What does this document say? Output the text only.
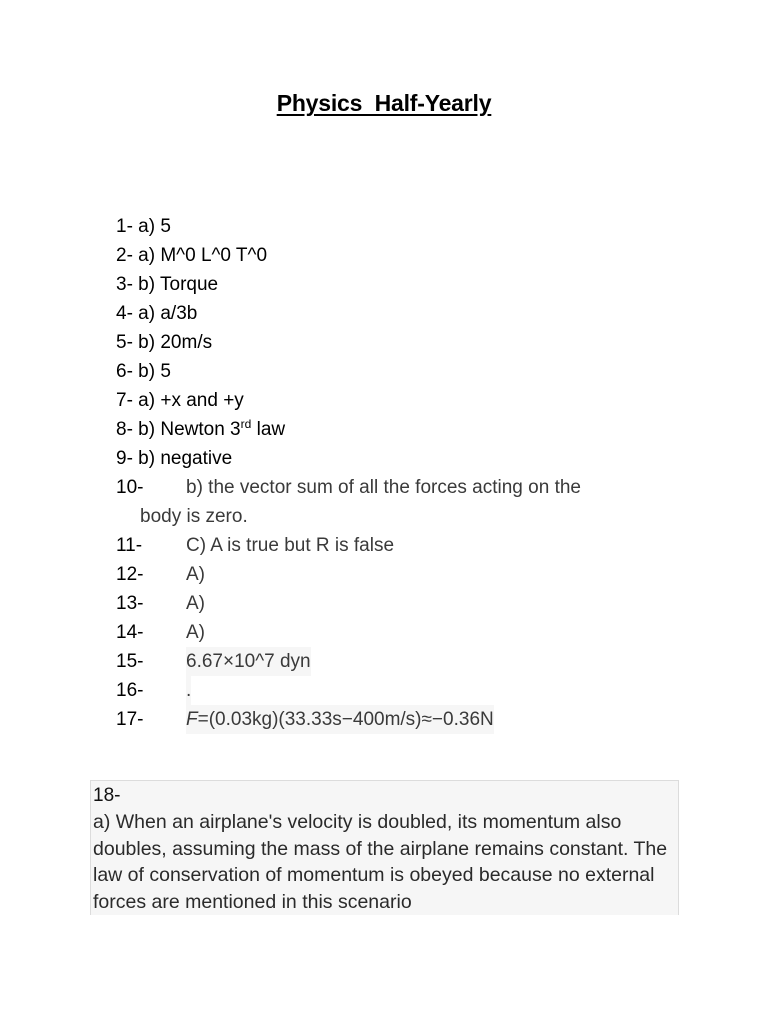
Physics  Half-Yearly
1- a) 5
2- a) M^0 L^0 T^0
3- b) Torque
4- a) a/3b
5- b) 20m/s
6- b) 5
7- a) +x and +y
8- b) Newton 3rd law
9- b) negative
10- b) the vector sum of all the forces acting on the
body is zero.
11- C) A is true but R is false
12- A)
13- A)
14- A)
15- 6.67×10^7 dyn
16- .
17- F=(0.03kg)(33.33s−400m/s)≈−0.36N
18-
a) When an airplane's velocity is doubled, its momentum also doubles, assuming the mass of the airplane remains constant. The law of conservation of momentum is obeyed because no external forces are mentioned in this scenario
